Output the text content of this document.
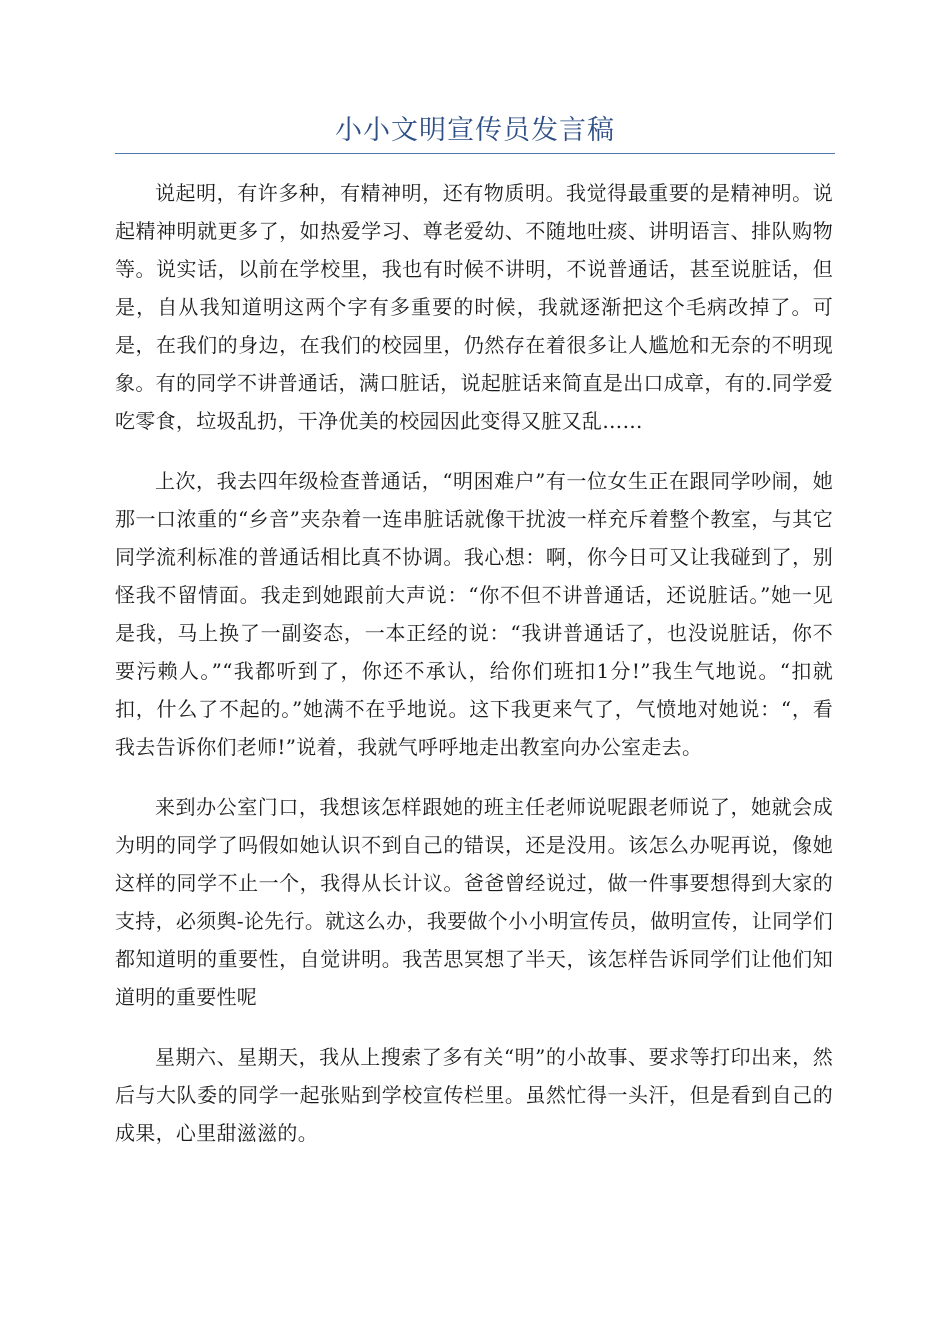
小小文明宣传员发言稿

说起明，有许多种，有精神明，还有物质明。我觉得最重要的是精神明。说起精神明就更多了，如热爱学习、尊老爱幼、不随地吐痰、讲明语言、排队购物等。说实话，以前在学校里，我也有时候不讲明，不说普通话，甚至说脏话，但是，自从我知道明这两个字有多重要的时候，我就逐渐把这个毛病改掉了。可是，在我们的身边，在我们的校园里，仍然存在着很多让人尴尬和无奈的不明现象。有的同学不讲普通话，满口脏话，说起脏话来简直是出口成章，有的.同学爱吃零食，垃圾乱扔，干净优美的校园因此变得又脏又乱……

上次，我去四年级检查普通话，“明困难户”有一位女生正在跟同学吵闹，她那一口浓重的“乡音”夹杂着一连串脏话就像干扰波一样充斥着整个教室，与其它同学流利标准的普通话相比真不协调。我心想：啊，你今日可又让我碰到了，别怪我不留情面。我走到她跟前大声说：“你不但不讲普通话，还说脏话。”她一见是我，马上换了一副姿态，一本正经的说：“我讲普通话了，也没说脏话，你不要污赖人。”“我都听到了，你还不承认，给你们班扣1分!”我生气地说。“扣就扣，什么了不起的。”她满不在乎地说。这下我更来气了，气愤地对她说：“，看我去告诉你们老师!”说着，我就气呼呼地走出教室向办公室走去。

来到办公室门口，我想该怎样跟她的班主任老师说呢跟老师说了，她就会成为明的同学了吗假如她认识不到自己的错误，还是没用。该怎么办呢再说，像她这样的同学不止一个，我得从长计议。爸爸曾经说过，做一件事要想得到大家的支持，必须舆-论先行。就这么办，我要做个小小明宣传员，做明宣传，让同学们都知道明的重要性，自觉讲明。我苦思冥想了半天，该怎样告诉同学们让他们知道明的重要性呢

星期六、星期天，我从上搜索了多有关“明”的小故事、要求等打印出来，然后与大队委的同学一起张贴到学校宣传栏里。虽然忙得一头汗，但是看到自己的成果，心里甜滋滋的。
